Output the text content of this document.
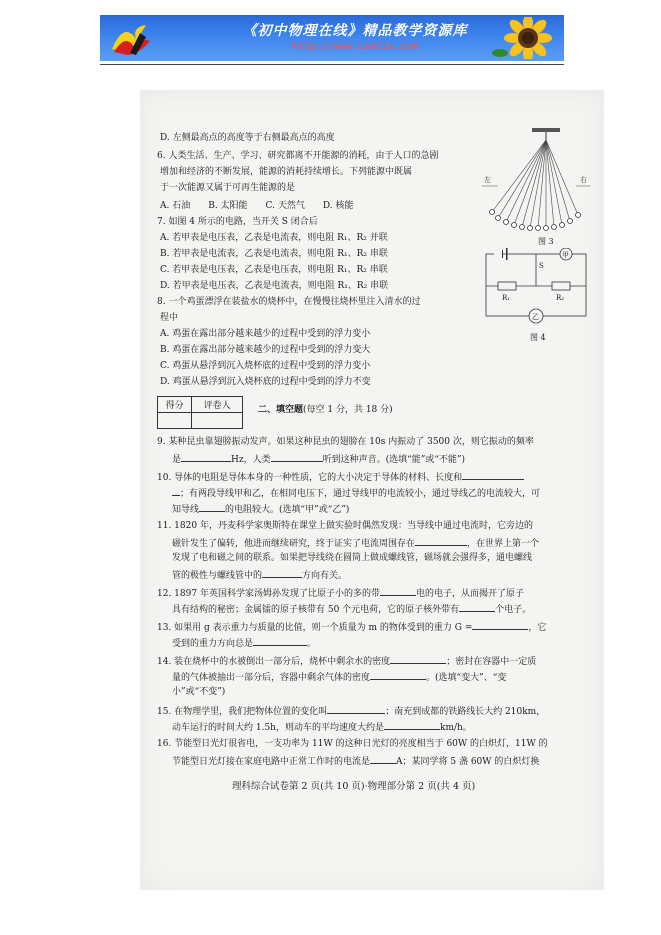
《初中物理在线》精品教学资源库
http://www.czwlzx.com
D. 左侧最高点的高度等于右侧最高点的高度
6. 人类生活、生产、学习、研究都离不开能源的消耗，由于人口的急剧
增加和经济的不断发展，能源的消耗持续增长。下列能源中既属
于一次能源又属于可再生能源的是
A. 石油　　B. 太阳能　　C. 天然气　　D. 核能
7. 如图 4 所示的电路，当开关 S 闭合后
A. 若甲表是电压表，乙表是电流表，则电阻 R₁、R₂ 并联
B. 若甲表是电流表，乙表是电流表，则电阻 R₁、R₂ 串联
C. 若甲表是电压表，乙表是电压表，则电阻 R₁、R₂ 串联
D. 若甲表是电压表，乙表是电流表，则电阻 R₁、R₂ 串联
8. 一个鸡蛋漂浮在装盐水的烧杯中，在慢慢往烧杯里注入清水的过
程中
A. 鸡蛋在露出部分越来越少的过程中受到的浮力变小
B. 鸡蛋在露出部分越来越少的过程中受到的浮力变大
C. 鸡蛋从悬浮到沉入烧杯底的过程中受到的浮力变小
D. 鸡蛋从悬浮到沉入烧杯底的过程中受到的浮力不变
左	右
图 3
甲
S
R₁	R₂
乙
图 4
得分	评卷人
		二、填空题(每空 1 分，共 18 分)
9. 某种昆虫靠翅膀振动发声。如果这种昆虫的翅膀在 10s 内振动了 3500 次，则它振动的频率
是	Hz，人类	听到这种声音。(选填“能”或“不能”)
10. 导体的电阻是导体本身的一种性质，它的大小决定于导体的材料、长度和
；有两段导线甲和乙，在相同电压下，通过导线甲的电流较小，通过导线乙的电流较大，可
知导线	的电阻较大。(选填“甲”或“乙”)
11. 1820 年，丹麦科学家奥斯特在课堂上做实验时偶然发现：当导线中通过电流时，它旁边的
磁针发生了偏转，他进而继续研究，终于证实了电流周围存在	，在世界上第一个
发现了电和磁之间的联系。如果把导线绕在圆筒上做成螺线管，磁场就会强得多，通电螺线
管的极性与螺线管中的	方向有关。
12. 1897 年英国科学家汤姆孙发现了比原子小的多的带	电的电子，从而揭开了原子
具有结构的秘密；金属镭的原子核带有 50 个元电荷，它的原子核外带有	个电子。
13. 如果用 g 表示重力与质量的比值，则一个质量为 m 的物体受到的重力 G =	，它
受到的重力方向总是	。
14. 装在烧杯中的水被倒出一部分后，烧杯中剩余水的密度	；密封在容器中一定质
量的气体被抽出一部分后，容器中剩余气体的密度	。(选填“变大”、“变
小”或“不变”)
15. 在物理学里，我们把物体位置的变化叫	；南充到成都的铁路线长大约 210km，
动车运行的时间大约 1.5h，则动车的平均速度大约是	km/h。
16. 节能型日光灯很省电，一支功率为 11W 的这种日光灯的亮度相当于 60W 的白炽灯，11W 的
节能型日光灯接在家庭电路中正常工作时的电流是	A；某同学将 5 盏 60W 的白炽灯换
理科综合试卷第 2 页(共 10 页)·物理部分第 2 页(共 4 页)
